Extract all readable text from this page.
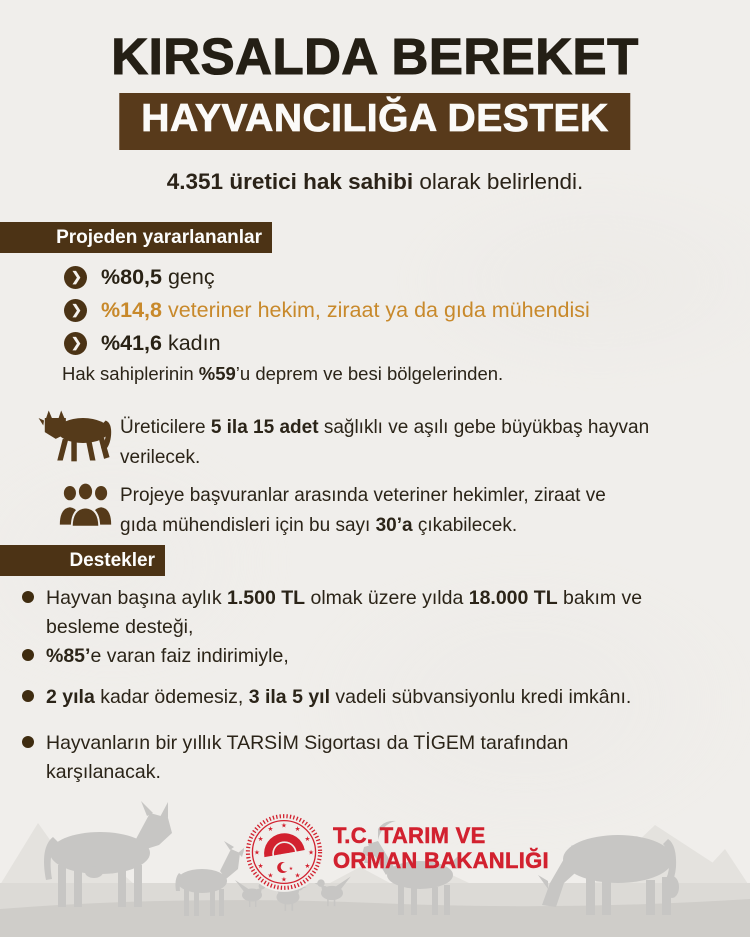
KIRSALDA BEREKET
HAYVANCILIĞA DESTEK

4.351 üretici hak sahibi olarak belirlendi.

Projeden yararlananlar
❯ %80,5 genç
❯ %14,8 veteriner hekim, ziraat ya da gıda mühendisi
❯ %41,6 kadın

Hak sahiplerinin %59’u deprem ve besi bölgelerinden.

Üreticilere 5 ila 15 adet sağlıklı ve aşılı gebe büyükbaş hayvan verilecek.

Projeye başvuranlar arasında veteriner hekimler, ziraat ve gıda mühendisleri için bu sayı 30’a çıkabilecek.

Destekler

Hayvan başına aylık 1.500 TL olmak üzere yılda 18.000 TL bakım ve besleme desteği,

%85’e varan faiz indirimiyle,

2 yıla kadar ödemesiz, 3 ila 5 yıl vadeli sübvansiyonlu kredi imkânı.

Hayvanların bir yıllık TARSİM Sigortası da TİGEM tarafından karşılanacak.

★ ★
★
★
★
★
★
★
★
★
★
★
★
T.C. TARIM VE
ORMAN BAKANLIĞI
